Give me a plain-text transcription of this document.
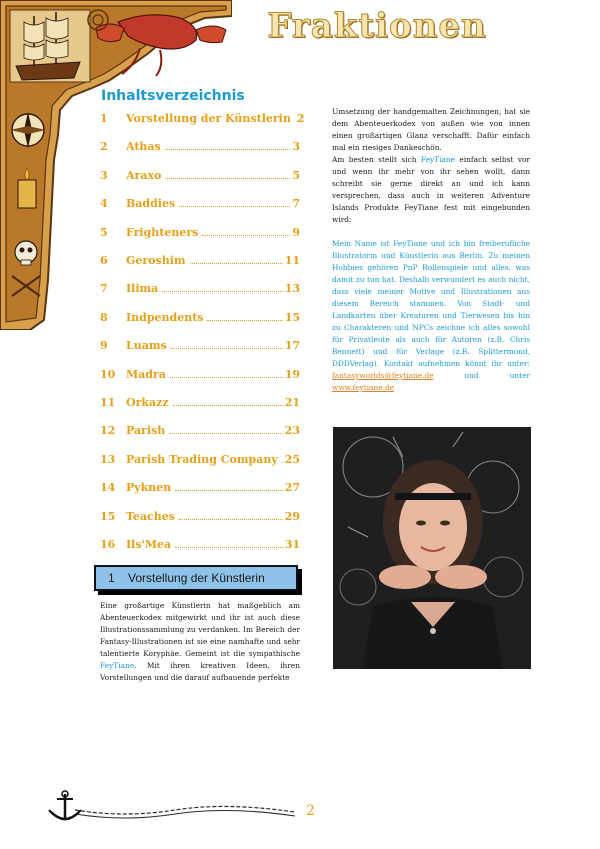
Fraktionen
Inhaltsverzeichnis
1	Vorstellung der Künstlerin 2
2	Athas	3
3	Araxo	5
4	Baddies	7
5	Frighteners	9
6	Geroshim	11
7	Ilima	13
8	Indpendents	15
9	Luams	17
10 Madra	19
11 Orkazz	21
12 Parish	23
13 Parish Trading Company 25
14 Pyknen	27
15 Teaches	29
16 Ils'Mea	31
1	Vorstellung der Künstlerin
Eine großartige Künstlerin hat maßgeblich am Abenteuerkodex mitgewirkt und ihr ist auch diese Illustrationssammlung zu verdanken. Im Bereich der Fantasy-Illustrationen ist sie eine namhafte und sehr talentierte Koryphäe. Gemeint ist die sympathische FeyTiane. Mit ihren kreativen Ideen, ihren Vorstellungen und die darauf aufbauende perfekte

Umsetzung der handgemalten Zeichnungen, hat sie dem Abenteuerkodex von außen wie von innen einen großartigen Glanz verschafft. Dafür einfach mal ein riesiges Dankeschön.

Am besten stellt sich FeyTiane einfach selbst vor und wenn ihr mehr von ihr sehen wollt, dann schreibt sie gerne direkt an und ich kann versprechen, dass auch in weiteren Adventure Islands Produkte FeyTiane fest mit eingebunden wird:

Mein Name ist FeyTiane und ich bin freiberufliche Illustratorin und Künstlerin aus Berlin. Zu meinen Hobbies gehören PnP Rollenspiele und alles, was damit zu tun hat. Deshalb verwundert es auch nicht, dass viele meiner Motive und Illustrationen aus diesem Bereich stammen. Von Stadt- und Landkarten über Kreaturen und Tierwesen bis hin zu Charakteren und NPCs zeichne ich alles sowohl für Privatleute als auch für Autoren (z.B. Chris Bennett) und für Verlage (z.B. Splittermond, DDDVerlag). Kontakt aufnehmen könnt ihr unter: fantasyworlds@feytiane.de und unter www.feytiane.de

2
